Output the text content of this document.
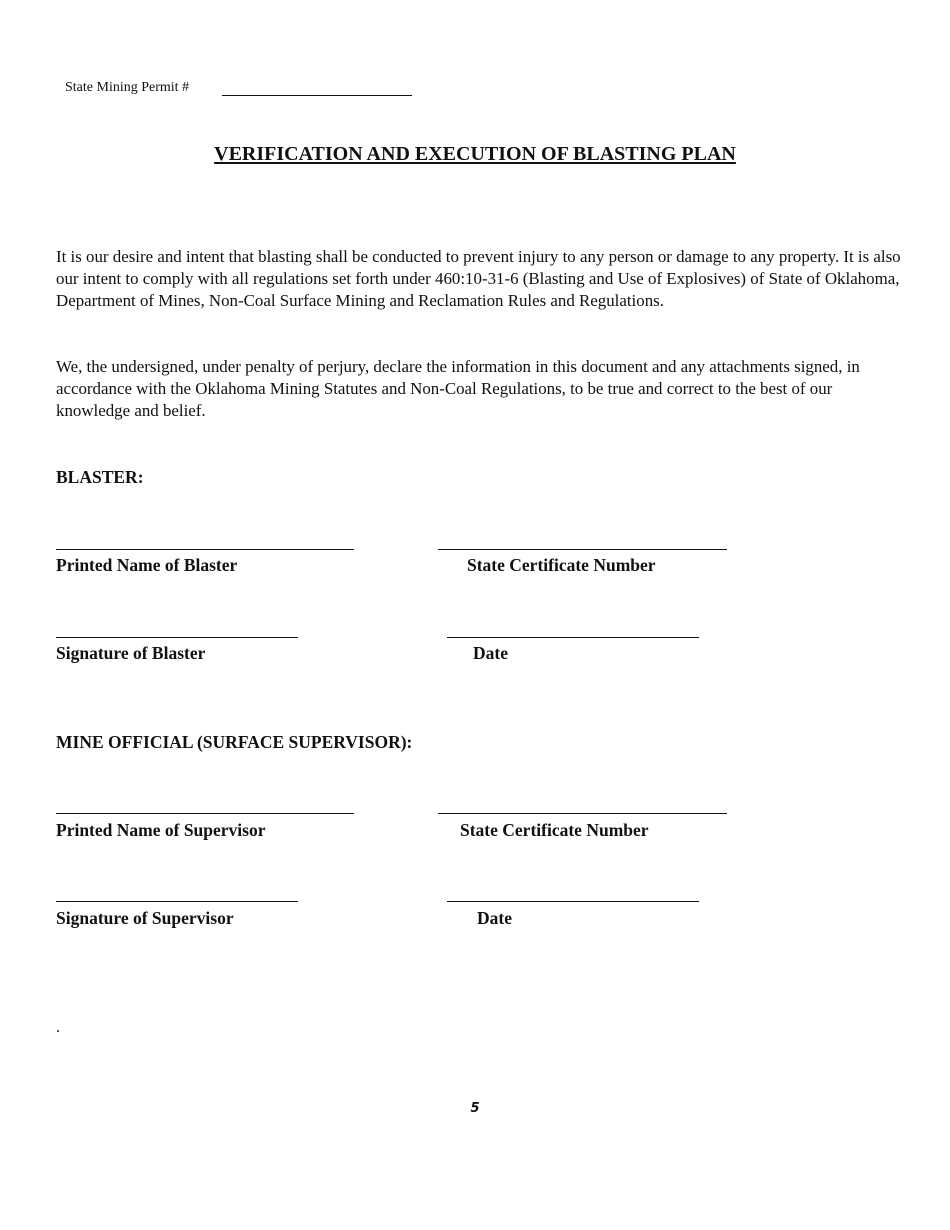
State Mining Permit #
VERIFICATION AND EXECUTION OF BLASTING PLAN

It is our desire and intent that blasting shall be conducted to prevent injury to any person or damage to any property. It is also our intent to comply with all regulations set forth under 460:10-31-6 (Blasting and Use of Explosives) of State of Oklahoma, Department of Mines, Non-Coal Surface Mining and Reclamation Rules and Regulations.

We, the undersigned, under penalty of perjury, declare the information in this document and any attachments signed, in accordance with the Oklahoma Mining Statutes and Non-Coal Regulations, to be true and correct to the best of our knowledge and belief.

BLASTER:
Printed Name of Blaster	State Certificate Number
Signature of Blaster	Date
MINE OFFICIAL (SURFACE SUPERVISOR):
Printed Name of Supervisor	State Certificate Number
Signature of Supervisor	Date
.
5
